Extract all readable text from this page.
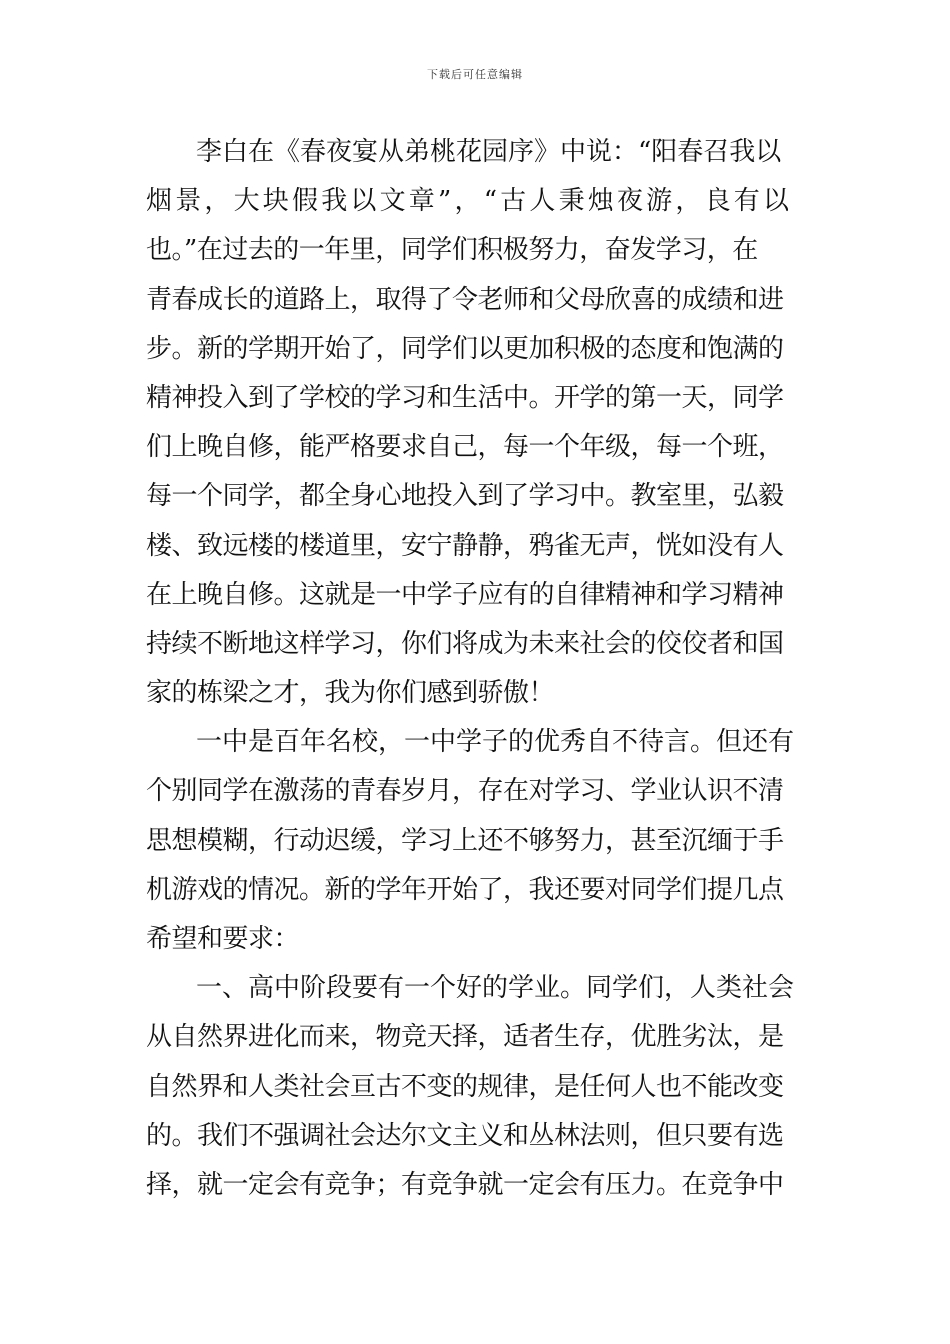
下载后可任意编辑
李白在《春夜宴从弟桃花园序》中说：“阳春召我以
烟景，大块假我以文章”，“古人秉烛夜游，良有以
也。”在过去的一年里，同学们积极努力，奋发学习，在
青春成长的道路上，取得了令老师和父母欣喜的成绩和进
步。新的学期开始了，同学们以更加积极的态度和饱满的
精神投入到了学校的学习和生活中。开学的第一天，同学
们上晚自修，能严格要求自己，每一个年级，每一个班，
每一个同学，都全身心地投入到了学习中。教室里，弘毅
楼、致远楼的楼道里，安宁静静，鸦雀无声，恍如没有人
在上晚自修。这就是一中学子应有的自律精神和学习精神
持续不断地这样学习，你们将成为未来社会的佼佼者和国
家的栋梁之才，我为你们感到骄傲！
一中是百年名校，一中学子的优秀自不待言。但还有
个别同学在激荡的青春岁月，存在对学习、学业认识不清
思想模糊，行动迟缓，学习上还不够努力，甚至沉缅于手
机游戏的情况。新的学年开始了，我还要对同学们提几点
希望和要求：
一、高中阶段要有一个好的学业。同学们，人类社会
从自然界进化而来，物竞天择，适者生存，优胜劣汰，是
自然界和人类社会亘古不变的规律，是任何人也不能改变
的。我们不强调社会达尔文主义和丛林法则，但只要有选
择，就一定会有竞争；有竞争就一定会有压力。在竞争中
